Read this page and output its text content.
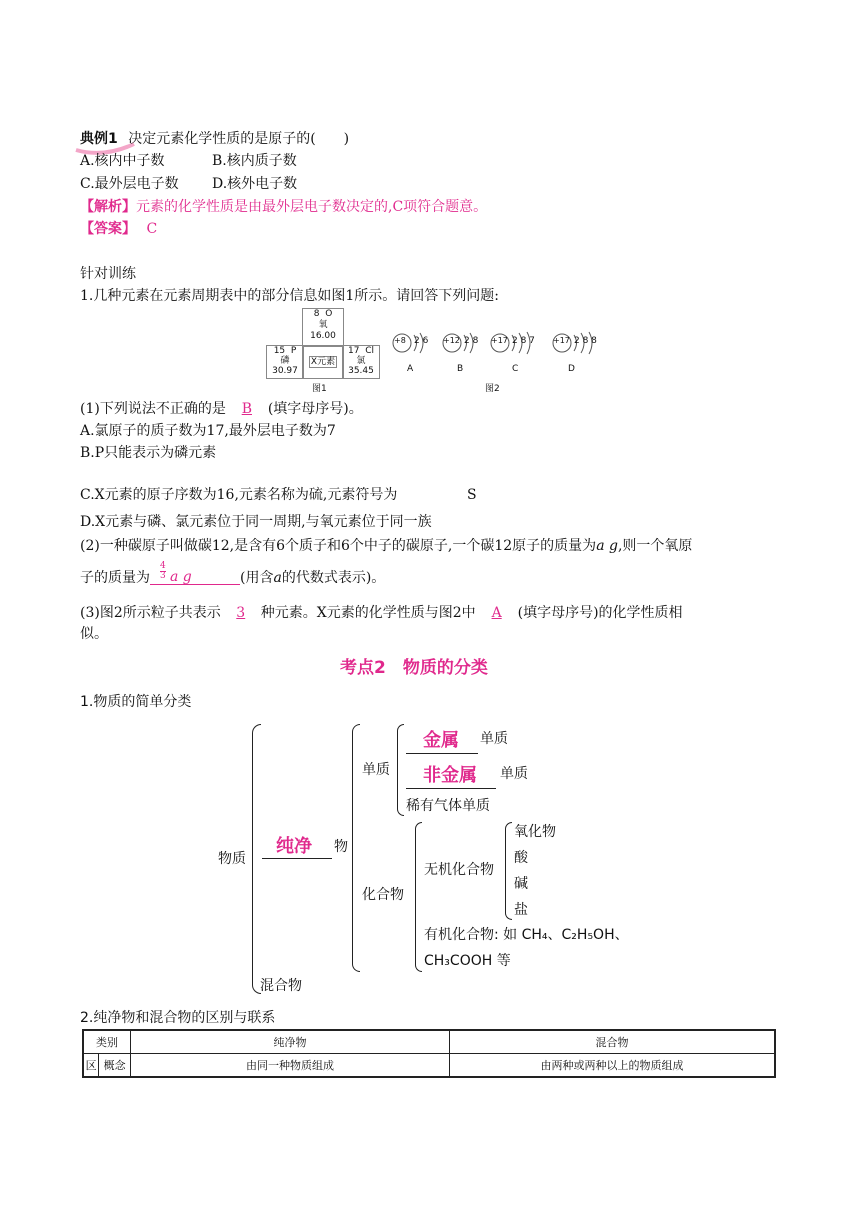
典例1 决定元素化学性质的是原子的(　　)
A.核内中子数	B.核内质子数
C.最外层电子数 D.核外电子数
【解析】元素的化学性质是由最外层电子数决定的,C项符合题意。
【答案】 C
针对训练
1.几种元素在元素周期表中的部分信息如图1所示。请回答下列问题:
8 O
氧
16.00
15 P
磷
30.97
X元素
17 Cl
氯
35.45
图1
+8 2 6
A
+12 2 8
B
+17 2 8 7
C
+17 2 8 8
D
图2
(1)下列说法不正确的是 B (填字母序号)。
A.氯原子的质子数为17,最外层电子数为7
B.P只能表示为磷元素
C.X元素的原子序数为16,元素名称为硫,元素符号为	S
D.X元素与磷、氯元素位于同一周期,与氧元素位于同一族
(2)一种碳原子叫做碳12,是含有6个质子和6个中子的碳原子,一个碳12原子的质量为a g,则一个氧原
子的质量为
4
3 a g	(用含a的代数式表示)。
(3)图2所示粒子共表示 3 种元素。X元素的化学性质与图2中 A (填字母序号)的化学性质相
似。
考点2　物质的分类
1.物质的简单分类
物质
纯净 物
混合物
单质
化合物
金属 单质
非金属 单质
稀有气体单质
无机化合物
氧化物
酸
碱
盐
有机化合物: 如 CH₄、C₂H₅OH、
CH₃COOH 等
2.纯净物和混合物的区别与联系
类别		纯净物	混合物
区	概念	由同一种物质组成	由两种或两种以上的物质组成
